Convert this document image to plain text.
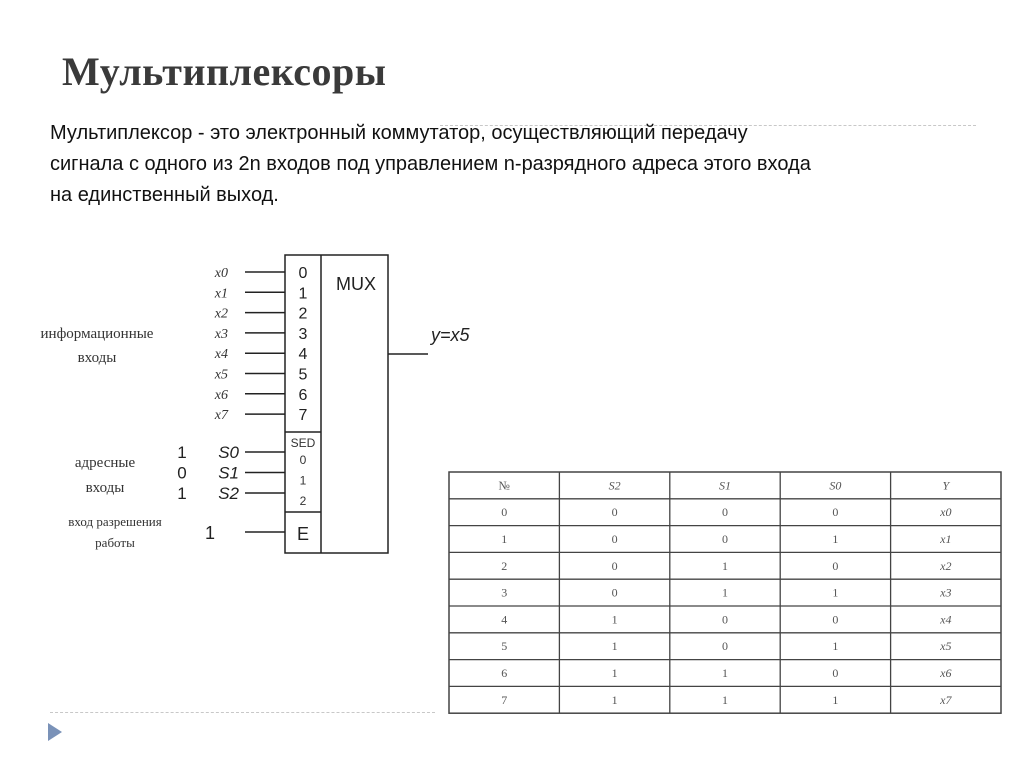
Мультиплексоры
Мультиплексор - это электронный коммутатор, осуществляющий передачу
сигнала с одного из 2n входов под управлением n-разрядного адреса этого входа
на единственный выход.
MUX
SED
E
x0	0
x1	1
x2	2
x3	3
x4	4
x5	5
x6	6
x7	7
S0
1	0
S1
0	1
S2
1	2
информационные
входы
адресные
входы
вход разрешения
работы
y=x5
1
№	S2	S1	S0	Y
0	0	0	0	x0
1	0	0	1	x1
2	0	1	0	x2
3	0	1	1	x3
4	1	0	0	x4
5	1	0	1	x5
6	1	1	0	x6
7	1	1	1	x7
